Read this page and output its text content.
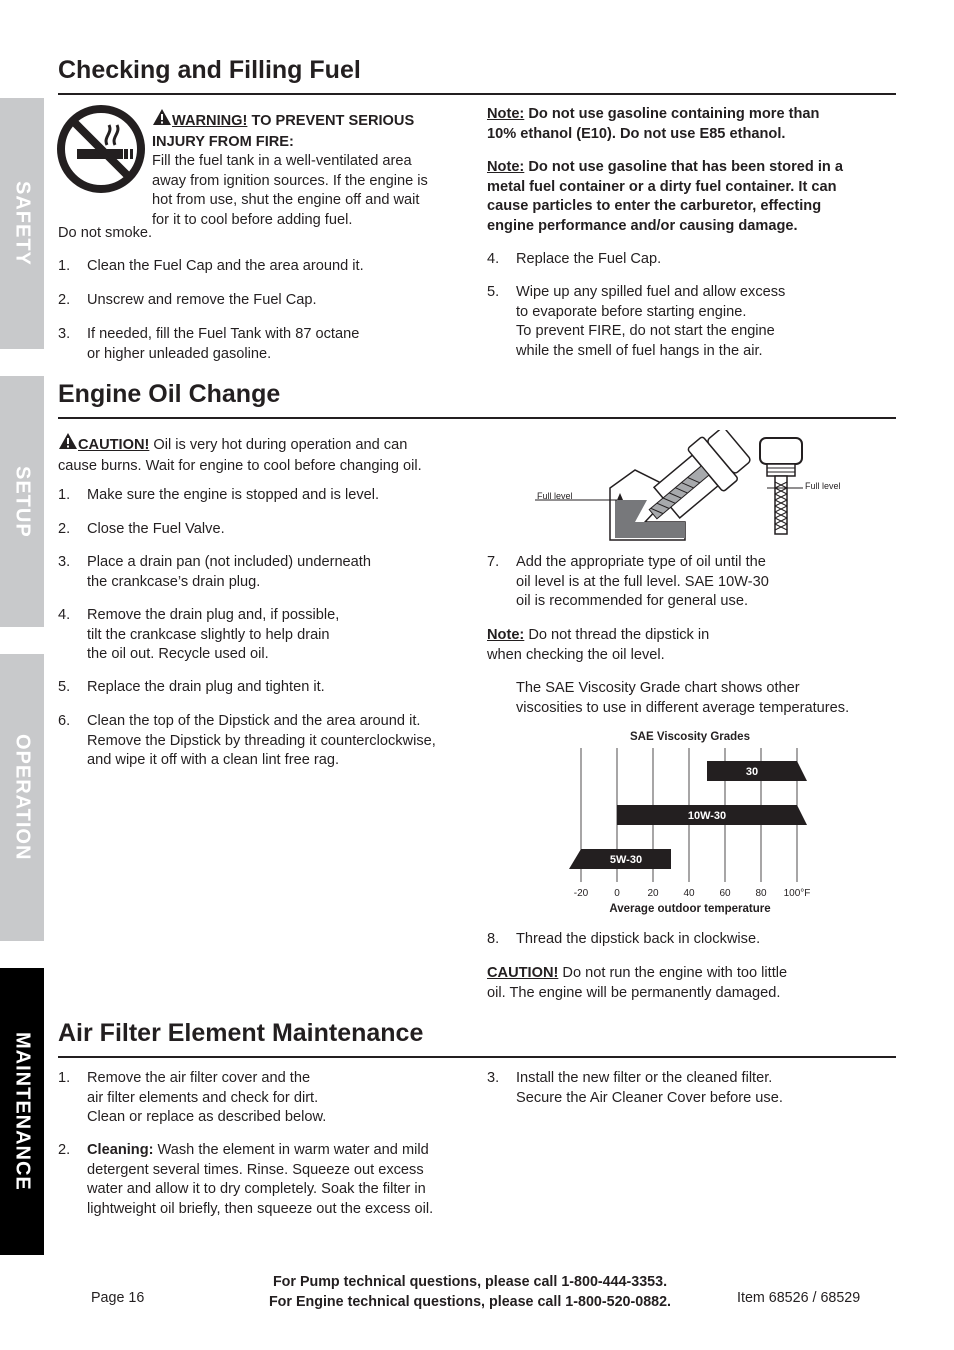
SAFETY
SETUP
OPERATION
MAINTENANCE
Checking and Filling Fuel
WARNING! TO PREVENT SERIOUS
INJURY FROM FIRE:
Fill the fuel tank in a well-ventilated area
away from ignition sources. If the engine is
hot from use, shut the engine off and wait
for it to cool before adding fuel.
Do not smoke.
1. Clean the Fuel Cap and the area around it.
2. Unscrew and remove the Fuel Cap.
3. If needed, fill the Fuel Tank with 87 octane
or higher unleaded gasoline.
Note: Do not use gasoline containing more than
10% ethanol (E10). Do not use E85 ethanol.
Note: Do not use gasoline that has been stored in a
metal fuel container or a dirty fuel container. It can
cause particles to enter the carburetor, effecting
engine performance and/or causing damage.
4. Replace the Fuel Cap.
5. Wipe up any spilled fuel and allow excess
to evaporate before starting engine.
To prevent FIRE, do not start the engine
while the smell of fuel hangs in the air.
Engine Oil Change
CAUTION! Oil is very hot during operation and can
cause burns. Wait for engine to cool before changing oil.
1. Make sure the engine is stopped and is level.
2. Close the Fuel Valve.
3. Place a drain pan (not included) underneath
the crankcase’s drain plug.
4. Remove the drain plug and, if possible,
tilt the crankcase slightly to help drain
the oil out. Recycle used oil.
5. Replace the drain plug and tighten it.
6. Clean the top of the Dipstick and the area around it.
Remove the Dipstick by threading it counterclockwise,
and wipe it off with a clean lint free rag.
Full level
Full level
7. Add the appropriate type of oil until the
oil level is at the full level. SAE 10W-30
oil is recommended for general use.
Note: Do not thread the dipstick in
when checking the oil level.
The SAE Viscosity Grade chart shows other
viscosities to use in different average temperatures.
SAE Viscosity Grades
30
10W-30
5W-30
-20	0	20 40 60 80 100°F
Average outdoor temperature
8. Thread the dipstick back in clockwise.
CAUTION! Do not run the engine with too little
oil. The engine will be permanently damaged.
Air Filter Element Maintenance
1. Remove the air filter cover and the
air filter elements and check for dirt.
Clean or replace as described below.
2. Cleaning: Wash the element in warm water and mild
detergent several times. Rinse. Squeeze out excess
water and allow it to dry completely. Soak the filter in
lightweight oil briefly, then squeeze out the excess oil.
3. Install the new filter or the cleaned filter.
Secure the Air Cleaner Cover before use.
Page 16
For Pump technical questions, please call 1-800-444-3353.
For Engine technical questions, please call 1-800-520-0882.	Item 68526 / 68529
